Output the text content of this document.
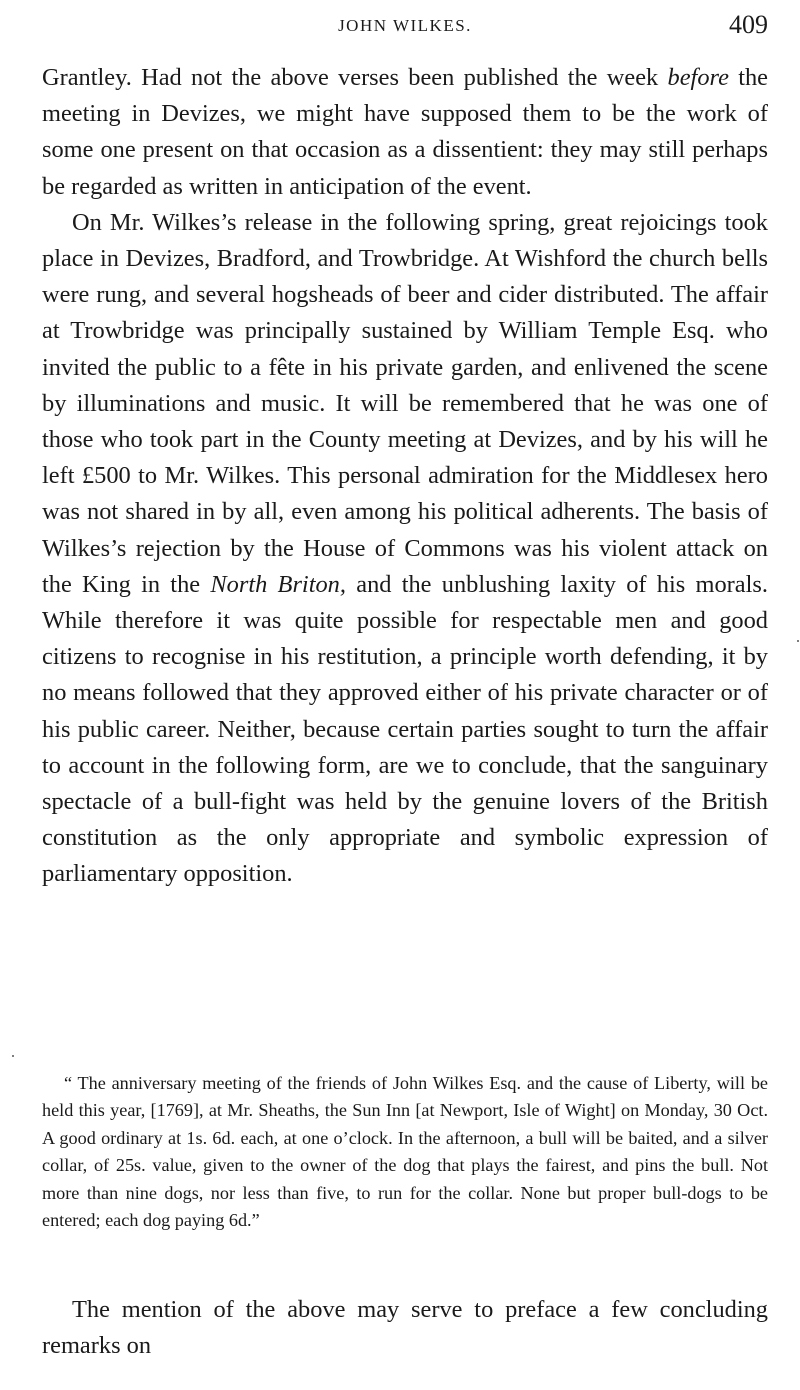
JOHN WILKES.	409

Grantley. Had not the above verses been published the week before the meeting in Devizes, we might have supposed them to be the work of some one present on that occasion as a dissentient: they may still perhaps be regarded as written in anticipation of the event.

On Mr. Wilkes’s release in the following spring, great rejoicings took place in Devizes, Bradford, and Trowbridge. At Wishford the church bells were rung, and several hogsheads of beer and cider distributed. The affair at Trowbridge was principally sustained by William Temple Esq. who invited the public to a fête in his private garden, and enlivened the scene by illuminations and music. It will be remembered that he was one of those who took part in the County meeting at Devizes, and by his will he left £500 to Mr. Wilkes. This personal admiration for the Middlesex hero was not shared in by all, even among his political adherents. The basis of Wilkes’s rejection by the House of Commons was his violent attack on the King in the North Briton, and the unblushing laxity of his morals. While therefore it was quite possible for respectable men and good citizens to recognise in his restitution, a principle worth defending, it by no means followed that they approved either of his private character or of his public career. Neither, because certain parties sought to turn the affair to account in the following form, are we to conclude, that the sanguinary spectacle of a bull-fight was held by the genuine lovers of the British constitution as the only appropriate and symbolic expression of parliamentary opposition.

“ The anniversary meeting of the friends of John Wilkes Esq. and the cause of Liberty, will be held this year, [1769], at Mr. Sheaths, the Sun Inn [at Newport, Isle of Wight] on Monday, 30 Oct. A good ordinary at 1s. 6d. each, at one o’clock. In the afternoon, a bull will be baited, and a silver collar, of 25s. value, given to the owner of the dog that plays the fairest, and pins the bull. Not more than nine dogs, nor less than five, to run for the collar. None but proper bull-dogs to be entered; each dog paying 6d.”

The mention of the above may serve to preface a few concluding remarks on
